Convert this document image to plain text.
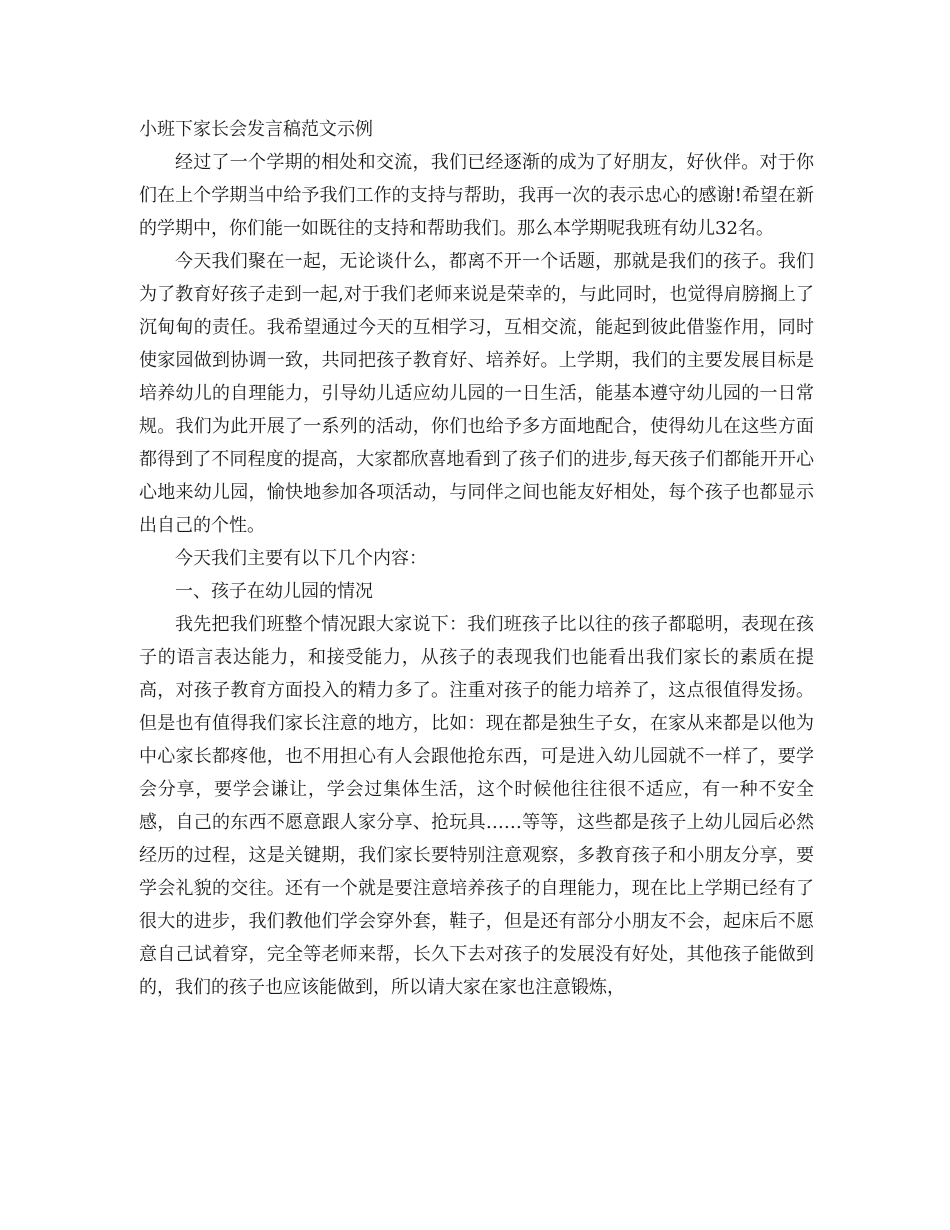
小班下家长会发言稿范文示例

经过了一个学期的相处和交流，我们已经逐渐的成为了好朋友，好伙伴。对于你们在上个学期当中给予我们工作的支持与帮助，我再一次的表示忠心的感谢!希望在新的学期中，你们能一如既往的支持和帮助我们。那么本学期呢我班有幼儿32名。

今天我们聚在一起，无论谈什么，都离不开一个话题，那就是我们的孩子。我们为了教育好孩子走到一起,对于我们老师来说是荣幸的，与此同时，也觉得肩膀搁上了沉甸甸的责任。我希望通过今天的互相学习，互相交流，能起到彼此借鉴作用，同时使家园做到协调一致，共同把孩子教育好、培养好。上学期，我们的主要发展目标是培养幼儿的自理能力，引导幼儿适应幼儿园的一日生活，能基本遵守幼儿园的一日常规。我们为此开展了一系列的活动，你们也给予多方面地配合，使得幼儿在这些方面都得到了不同程度的提高，大家都欣喜地看到了孩子们的进步,每天孩子们都能开开心心地来幼儿园，愉快地参加各项活动，与同伴之间也能友好相处，每个孩子也都显示出自己的个性。

今天我们主要有以下几个内容：

一、孩子在幼儿园的情况

我先把我们班整个情况跟大家说下：我们班孩子比以往的孩子都聪明，表现在孩子的语言表达能力，和接受能力，从孩子的表现我们也能看出我们家长的素质在提高，对孩子教育方面投入的精力多了。注重对孩子的能力培养了，这点很值得发扬。但是也有值得我们家长注意的地方，比如：现在都是独生子女，在家从来都是以他为中心家长都疼他，也不用担心有人会跟他抢东西，可是进入幼儿园就不一样了，要学会分享，要学会谦让，学会过集体生活，这个时候他往往很不适应，有一种不安全感，自己的东西不愿意跟人家分享、抢玩具……等等，这些都是孩子上幼儿园后必然经历的过程，这是关键期，我们家长要特别注意观察，多教育孩子和小朋友分享，要学会礼貌的交往。还有一个就是要注意培养孩子的自理能力，现在比上学期已经有了很大的进步，我们教他们学会穿外套，鞋子，但是还有部分小朋友不会，起床后不愿意自己试着穿，完全等老师来帮，长久下去对孩子的发展没有好处，其他孩子能做到的，我们的孩子也应该能做到，所以请大家在家也注意锻炼，
